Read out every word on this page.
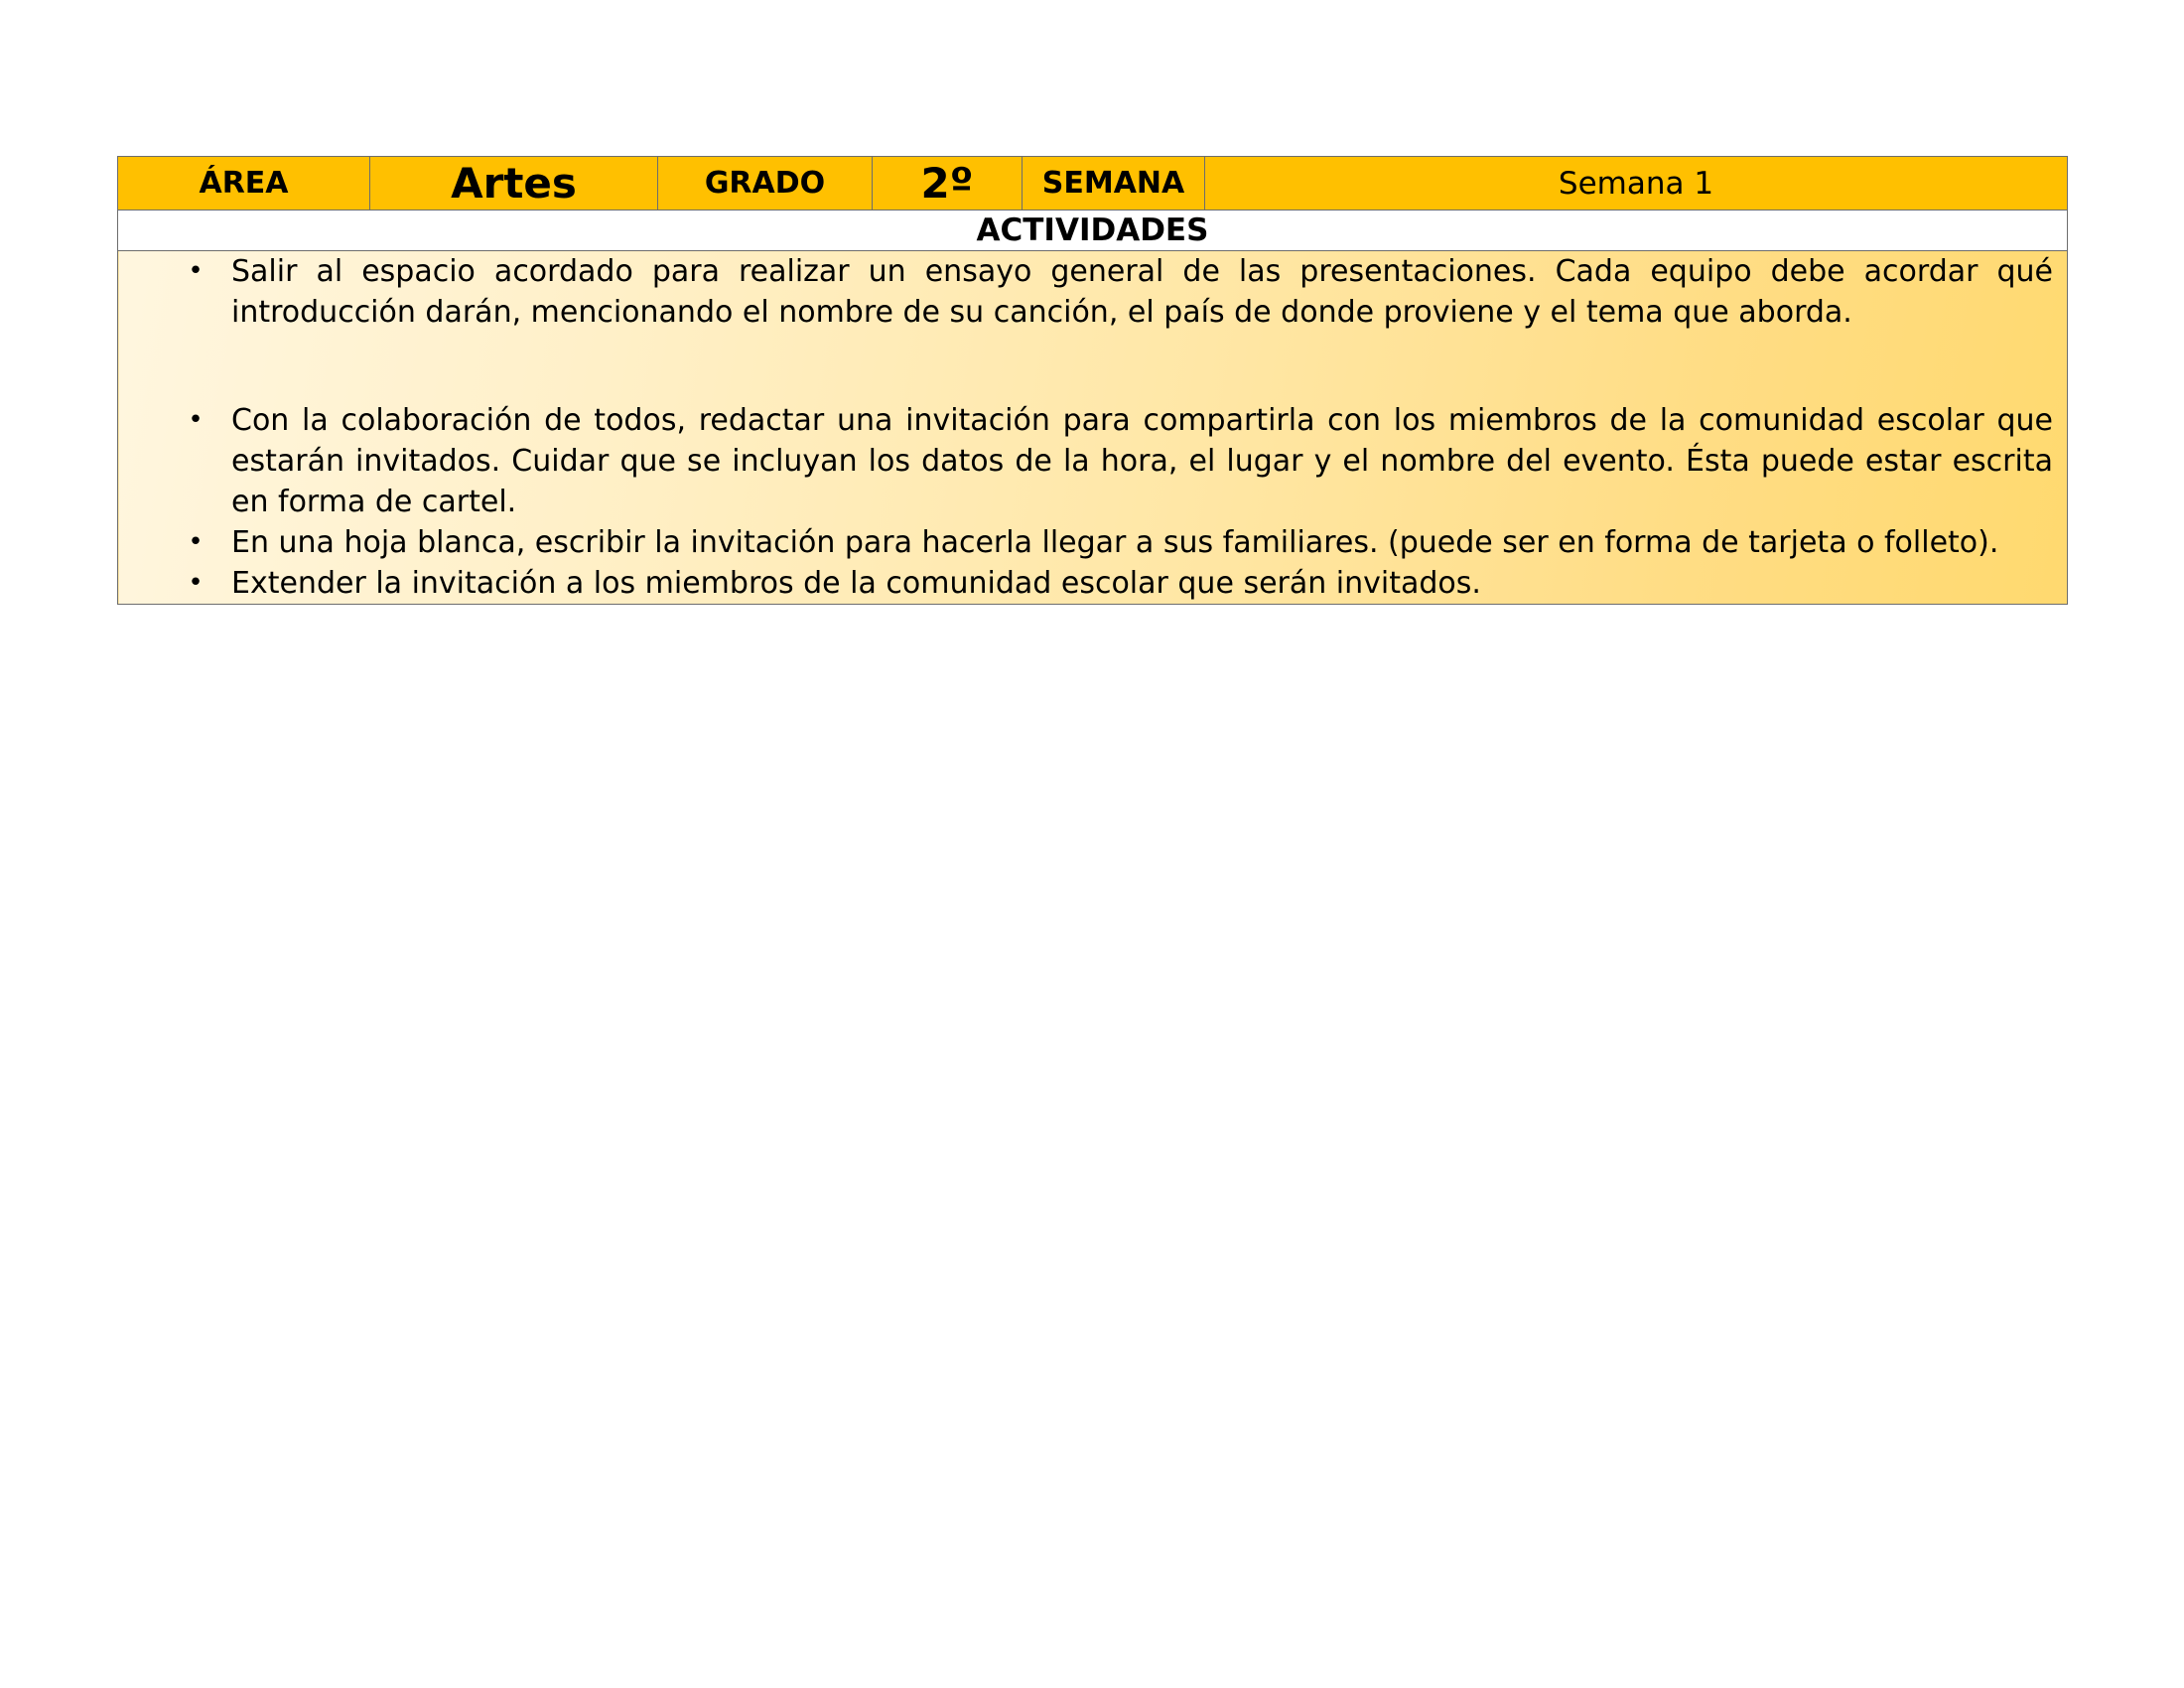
ÁREA	Artes	GRADO	2º	SEMANA	Semana 1
ACTIVIDADES

• Salir al espacio acordado para realizar un ensayo general de las presentaciones. Cada equipo debe acordar qué introducción darán, mencionando el nombre de su canción, el país de donde proviene y el tema que aborda.
• Con la colaboración de todos, redactar una invitación para compartirla con los miembros de la comunidad escolar que estarán invitados. Cuidar que se incluyan los datos de la hora, el lugar y el nombre del evento. Ésta puede estar escrita en forma de cartel.
• En una hoja blanca, escribir la invitación para hacerla llegar a sus familiares. (puede ser en forma de tarjeta o folleto).
• Extender la invitación a los miembros de la comunidad escolar que serán invitados.
